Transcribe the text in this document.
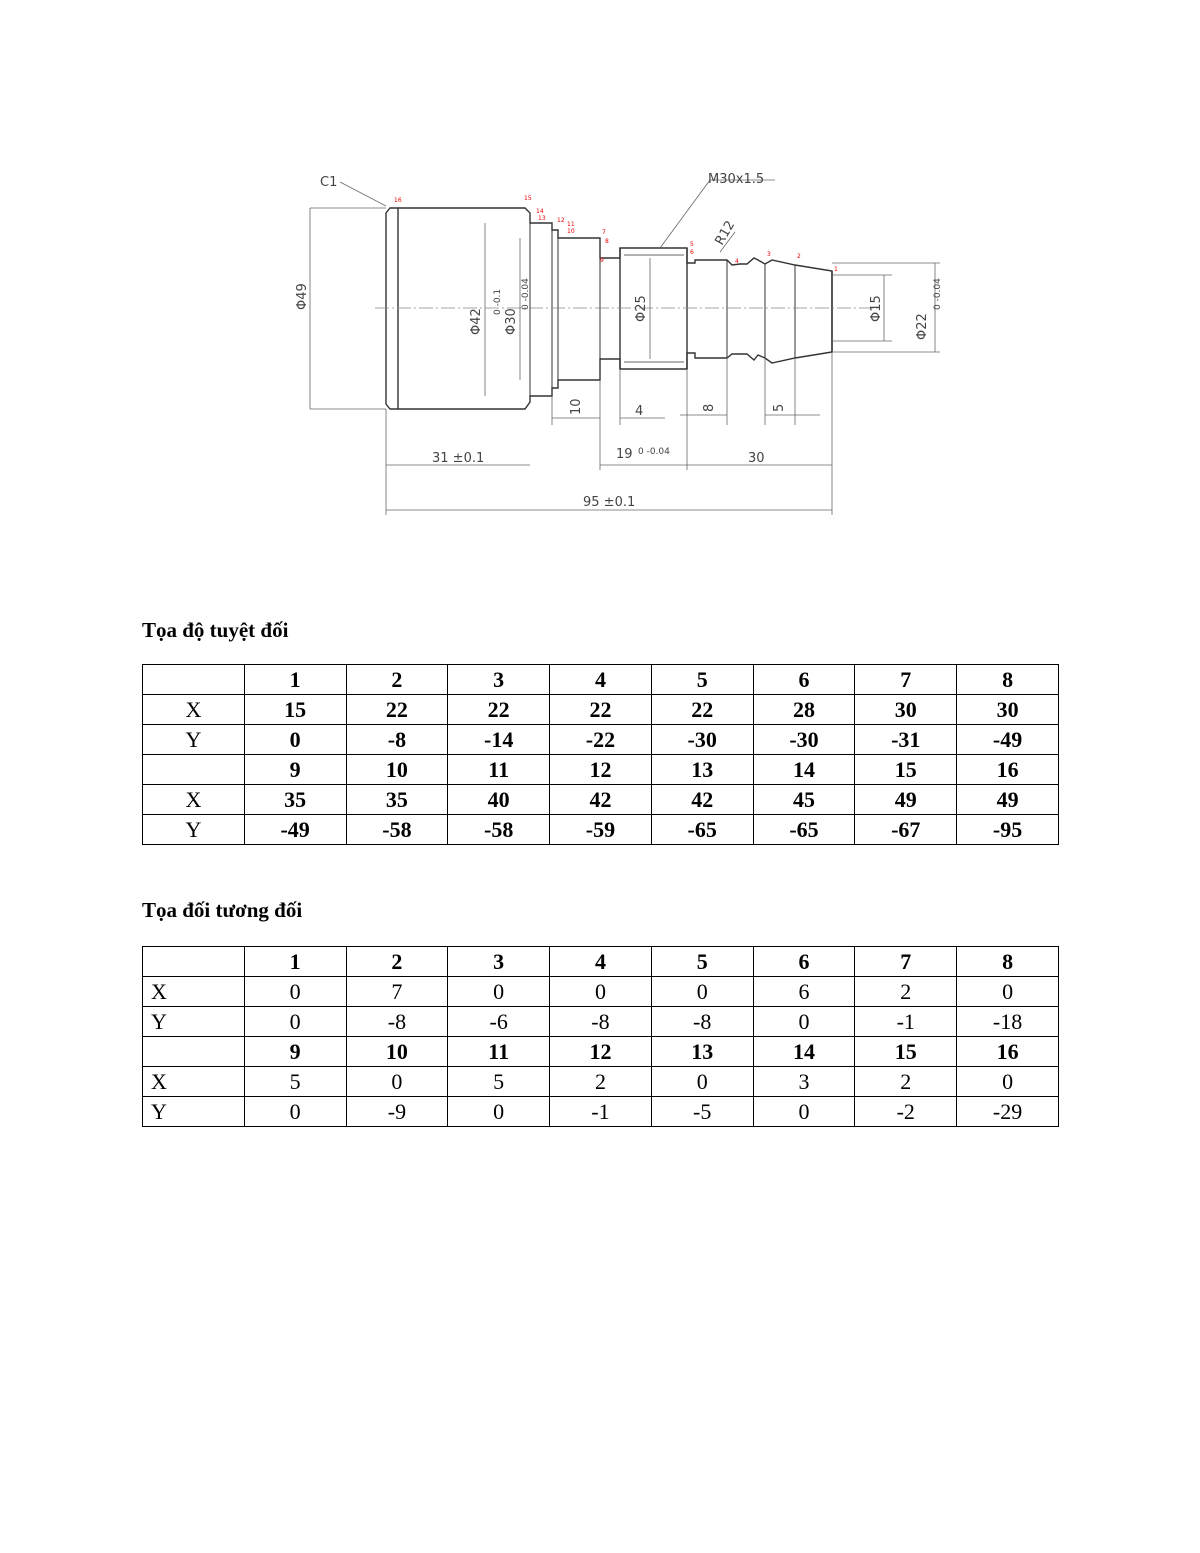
C1	M30x1.5
R12
Φ49
Φ42
0 -0.1
Φ30
0 -0.04	Φ25	Φ15
Φ22
0 -0.04
10	4	8	5
31 ±0.1	19 0 -0.04	30
95 ±0.1
1
2
3
4
5
6
7
8
9
10
11
12
13
14
15
16

Tọa độ tuyệt đối

	1	2	3	4	5	6	7	8
X	15	22	22	22	22	28	30	30
Y	0	-8	-14	-22	-30	-30	-31	-49
	9	10	11	12	13	14	15	16
X	35	35	40	42	42	45	49	49
Y	-49	-58	-58	-59	-65	-65	-67	-95

Tọa đối tương đối

	1	2	3	4	5	6	7	8
X	0	7	0	0	0	6	2	0
Y	0	-8	-6	-8	-8	0	-1	-18
	9	10	11	12	13	14	15	16
X	5	0	5	2	0	3	2	0
Y	0	-9	0	-1	-5	0	-2	-29
